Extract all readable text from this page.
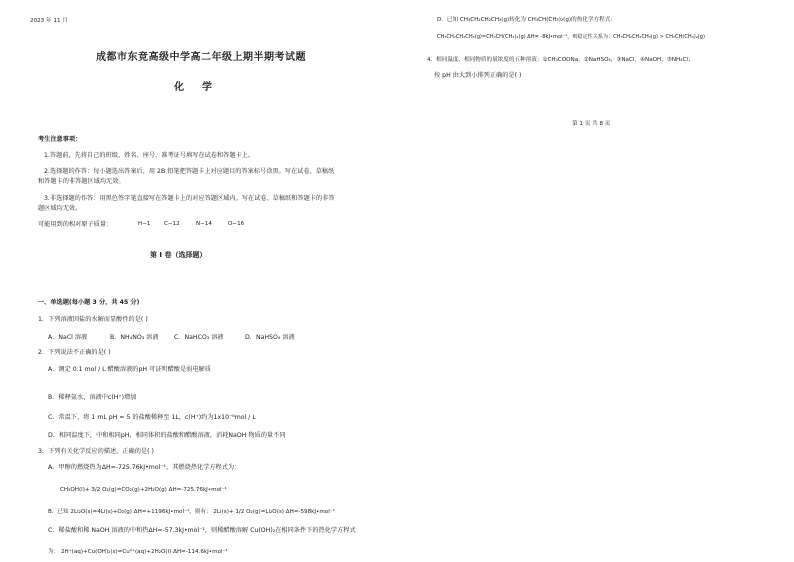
2023 年 11 月
成都市东竞高级中学高二年级上期半期考试题
化学
考生注意事项：
1.答题前，先将自己的班级、姓名、座号、准考证号填写在试卷和答题卡上。
2.选择题的作答：每小题选出答案后，用 2B 铅笔把答题卡上对应题目的答案标号涂黑。写在试卷、草稿纸
和答题卡的非答题区域均无效。
3.非选择题的作答：用黑色签字笔直接写在答题卡上的对应答题区域内。写在试卷、草稿纸和答题卡的非答
题区域均无效。
可能用到的相对原子质量：	H−1 C−12	N−14	O−16
第 I 卷（选择题）
一、单选题(每小题 3 分，共 45 分)
1．下列溶液因盐的水解而显酸性的是( )
A．NaCl 溶液	B．NH₄NO₃ 溶液 C．NaHCO₃ 溶液	D．NaHSO₄ 溶液
2．下列说法不正确的是( )
A．测定 0.1 mol / L 醋酸溶液的pH 可证明醋酸是弱电解质
B．稀释氨水，溶液中c(H⁺)增加
C．常温下，将 1 mL pH = 5 的盐酸稀释至 1L，c(H⁺)约为1x10⁻⁸mol / L
D．相同温度下，中和相同pH，相同体积的盐酸和醋酸溶液，消耗NaOH 物质的量不同
3．下列有关化学反应的描述，正确的是( )
A．甲醇的燃烧热为ΔH=-725.76kJ•mol⁻¹，其燃烧热化学方程式为：
CH₃OH(l)+ 3/2 O₂(g)=CO₂(g)+2H₂O(g) ΔH=-725.76kJ•mol⁻¹
B．已知 2Li₂O(s)=4Li(s)+O₂(g) ΔH=+1196kJ•mol⁻¹，则有： 2Li(s)+ 1/2 O₂(g)=Li₂O(s) ΔH=-598kJ•mol⁻¹
C．稀盐酸和稀 NaOH 溶液的中和热ΔH=-57.3kJ•mol⁻¹，则稀醋酸溶解 Cu(OH)₂在相同条件下的热化学方程式
为： 2H⁺(aq)+Cu(OH)₂(s)=Cu²⁺(aq)+2H₂O(l) ΔH=-114.6kJ•mol⁻¹
D．已知 CH₃CH₂CH₂CH₃(g)转化为 CH₃CH(CH₃)₂(g)的热化学方程式：
CH₃CH₂CH₂CH₃(g)=CH₃CH(CH₃)₂(g) ΔH= -8kJ•mol⁻¹，则稳定性关系为：CH₃CH₂CH₂CH₃(g) > CH₃CH(CH₃)₂(g)
4．相同温度、相同物质的量浓度的五种溶液：①CH₃COONa，②NaHSO₄，③NaCl，④NaOH，⑤NH₄Cl；
按 pH 由大到小排列正确的是( )
第 1 页 共 8 页
